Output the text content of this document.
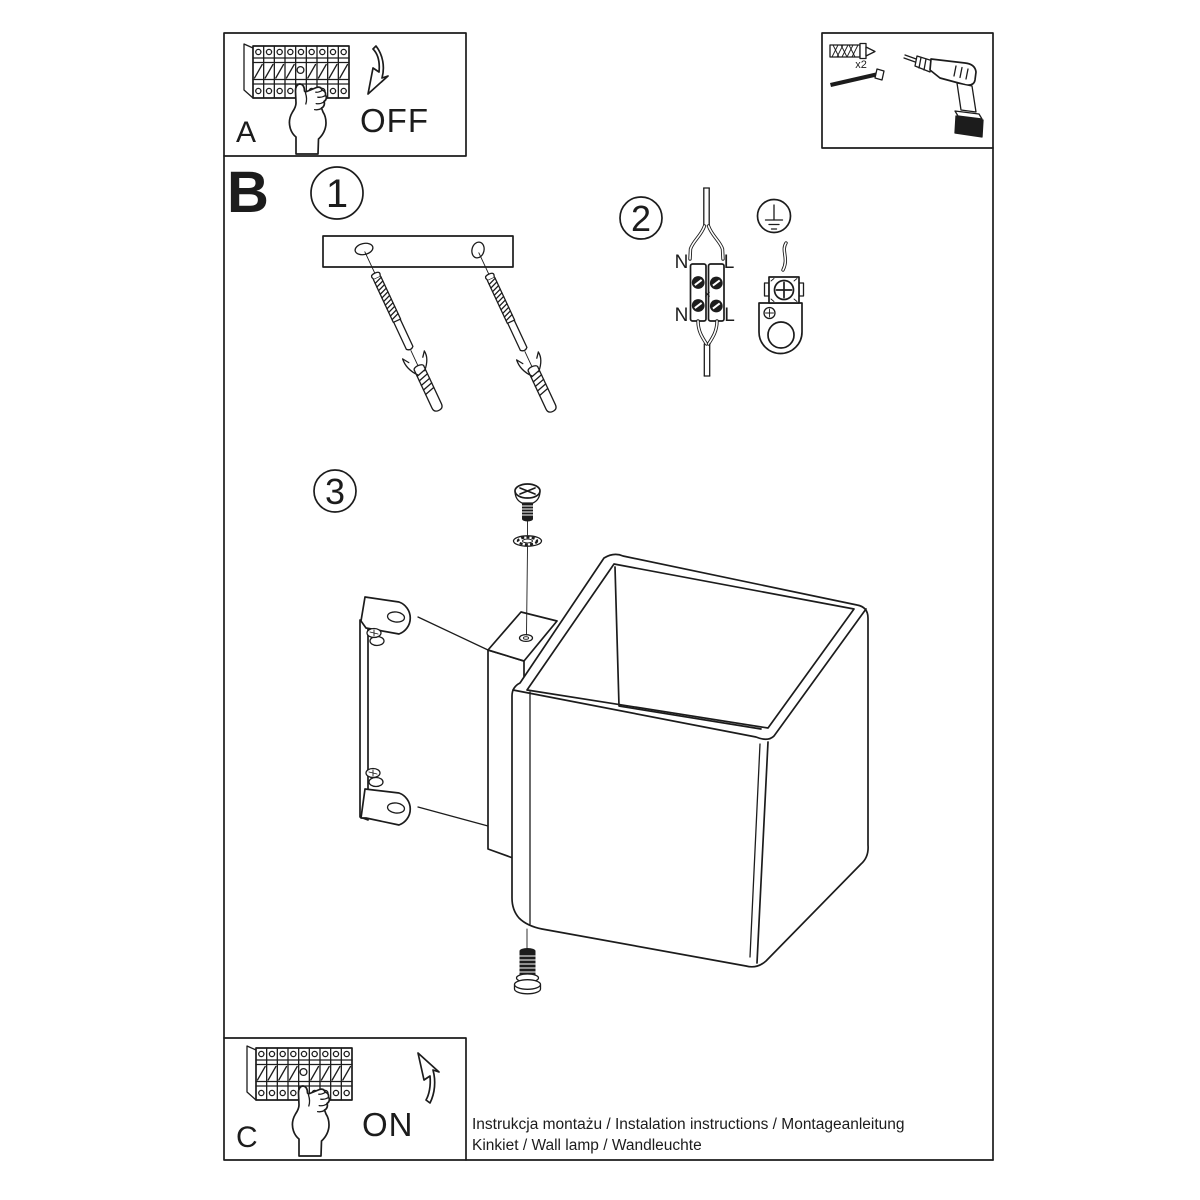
A	OFF
x2
B 1
2
N L
N L
3
C	ON	Instrukcja montażu / Instalation instructions / Montageanleitung
Kinkiet / Wall lamp / Wandleuchte
